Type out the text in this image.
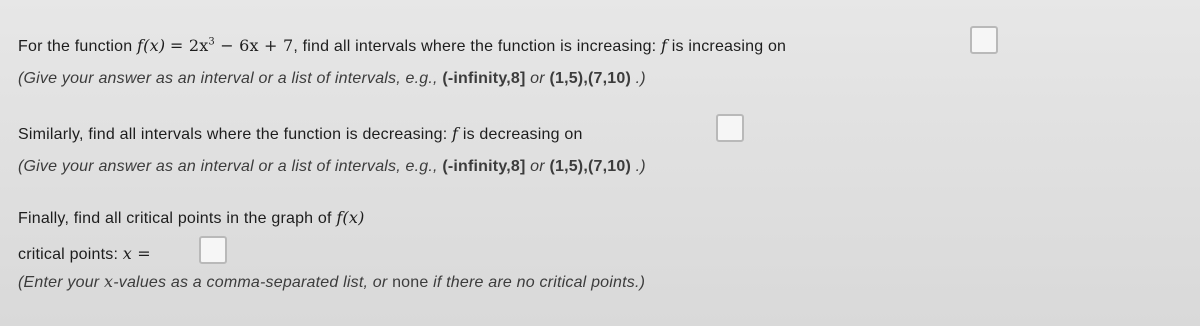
For the function $f(x) = 2x^3 - 6x + 7$, find all intervals where the function is increasing: f is increasing on
(Give your answer as an interval or a list of intervals, e.g., (-infinity,8] or (1,5),(7,10) .)
Similarly, find all intervals where the function is decreasing: f is decreasing on
(Give your answer as an interval or a list of intervals, e.g., (-infinity,8] or (1,5),(7,10) .)
Finally, find all critical points in the graph of f(x)
critical points: x =
(Enter your x-values as a comma-separated list, or none if there are no critical points.)
